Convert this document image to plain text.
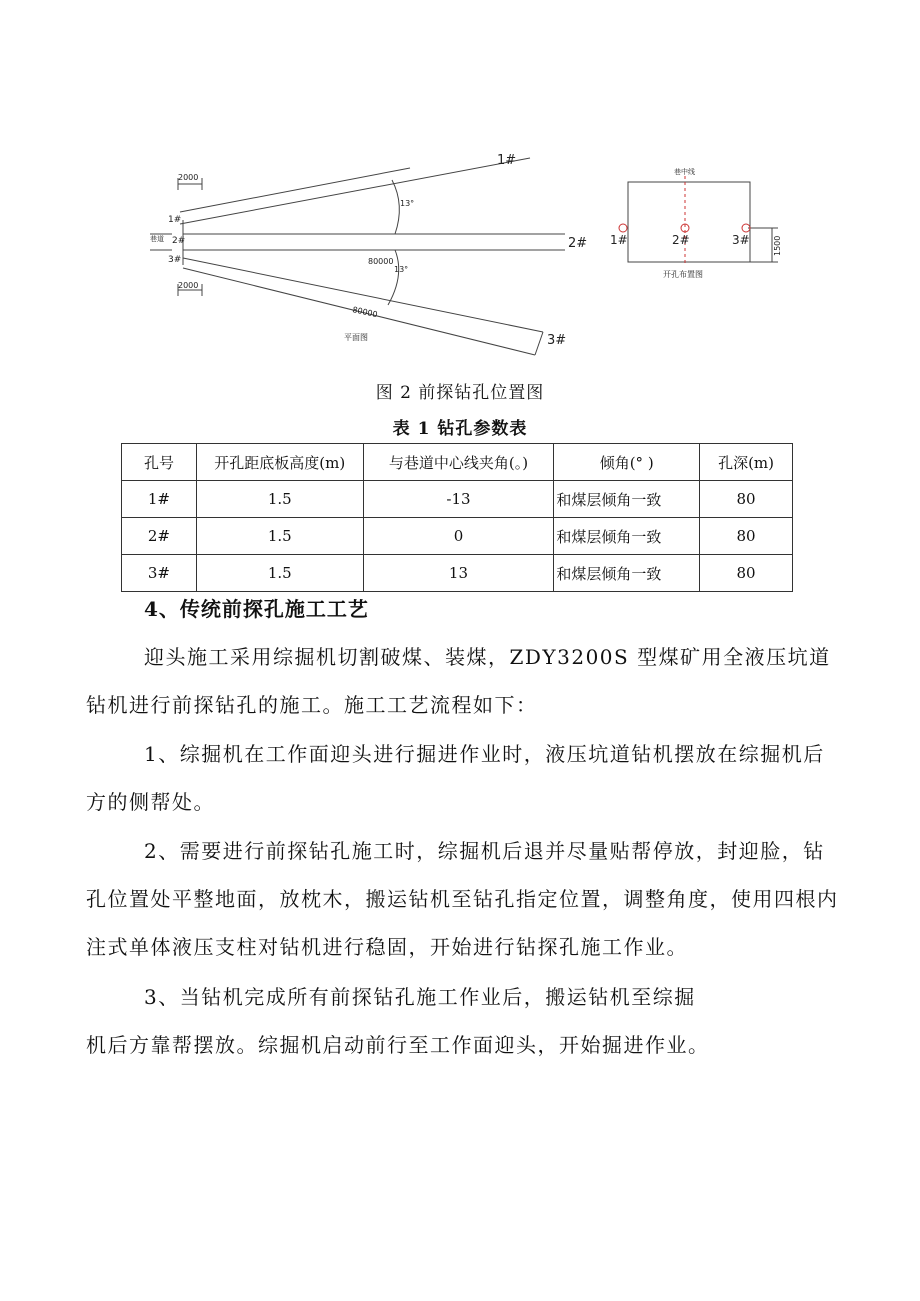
1#
2000
2000
1#
2#
3#
巷道	2#
3#
80000
80000
13°
13°
平面图
巷中线
1#	2#	3#	1500
开孔布置图
图 2 前探钻孔位置图
表 1 钻孔参数表
孔号	开孔距底板高度(m)	与巷道中心线夹角(。)	倾角(° )	孔深(m)
1#	1.5	-13	和煤层倾角一致	80
2#	1.5	0	和煤层倾角一致	80
3#	1.5	13	和煤层倾角一致	80
4、传统前探孔施工工艺
迎头施工采用综掘机切割破煤、装煤，ZDY3200S 型煤矿用全液压坑道钻机进行前探钻孔的施工。施工工艺流程如下：
1、综掘机在工作面迎头进行掘进作业时，液压坑道钻机摆放在综掘机后方的侧帮处。
2、需要进行前探钻孔施工时，综掘机后退并尽量贴帮停放，封迎脸，钻孔位置处平整地面，放枕木，搬运钻机至钻孔指定位置，调整角度，使用四根内注式单体液压支柱对钻机进行稳固，开始进行钻探孔施工作业。
3、当钻机完成所有前探钻孔施工作业后，搬运钻机至综掘
机后方靠帮摆放。综掘机启动前行至工作面迎头，开始掘进作业。
